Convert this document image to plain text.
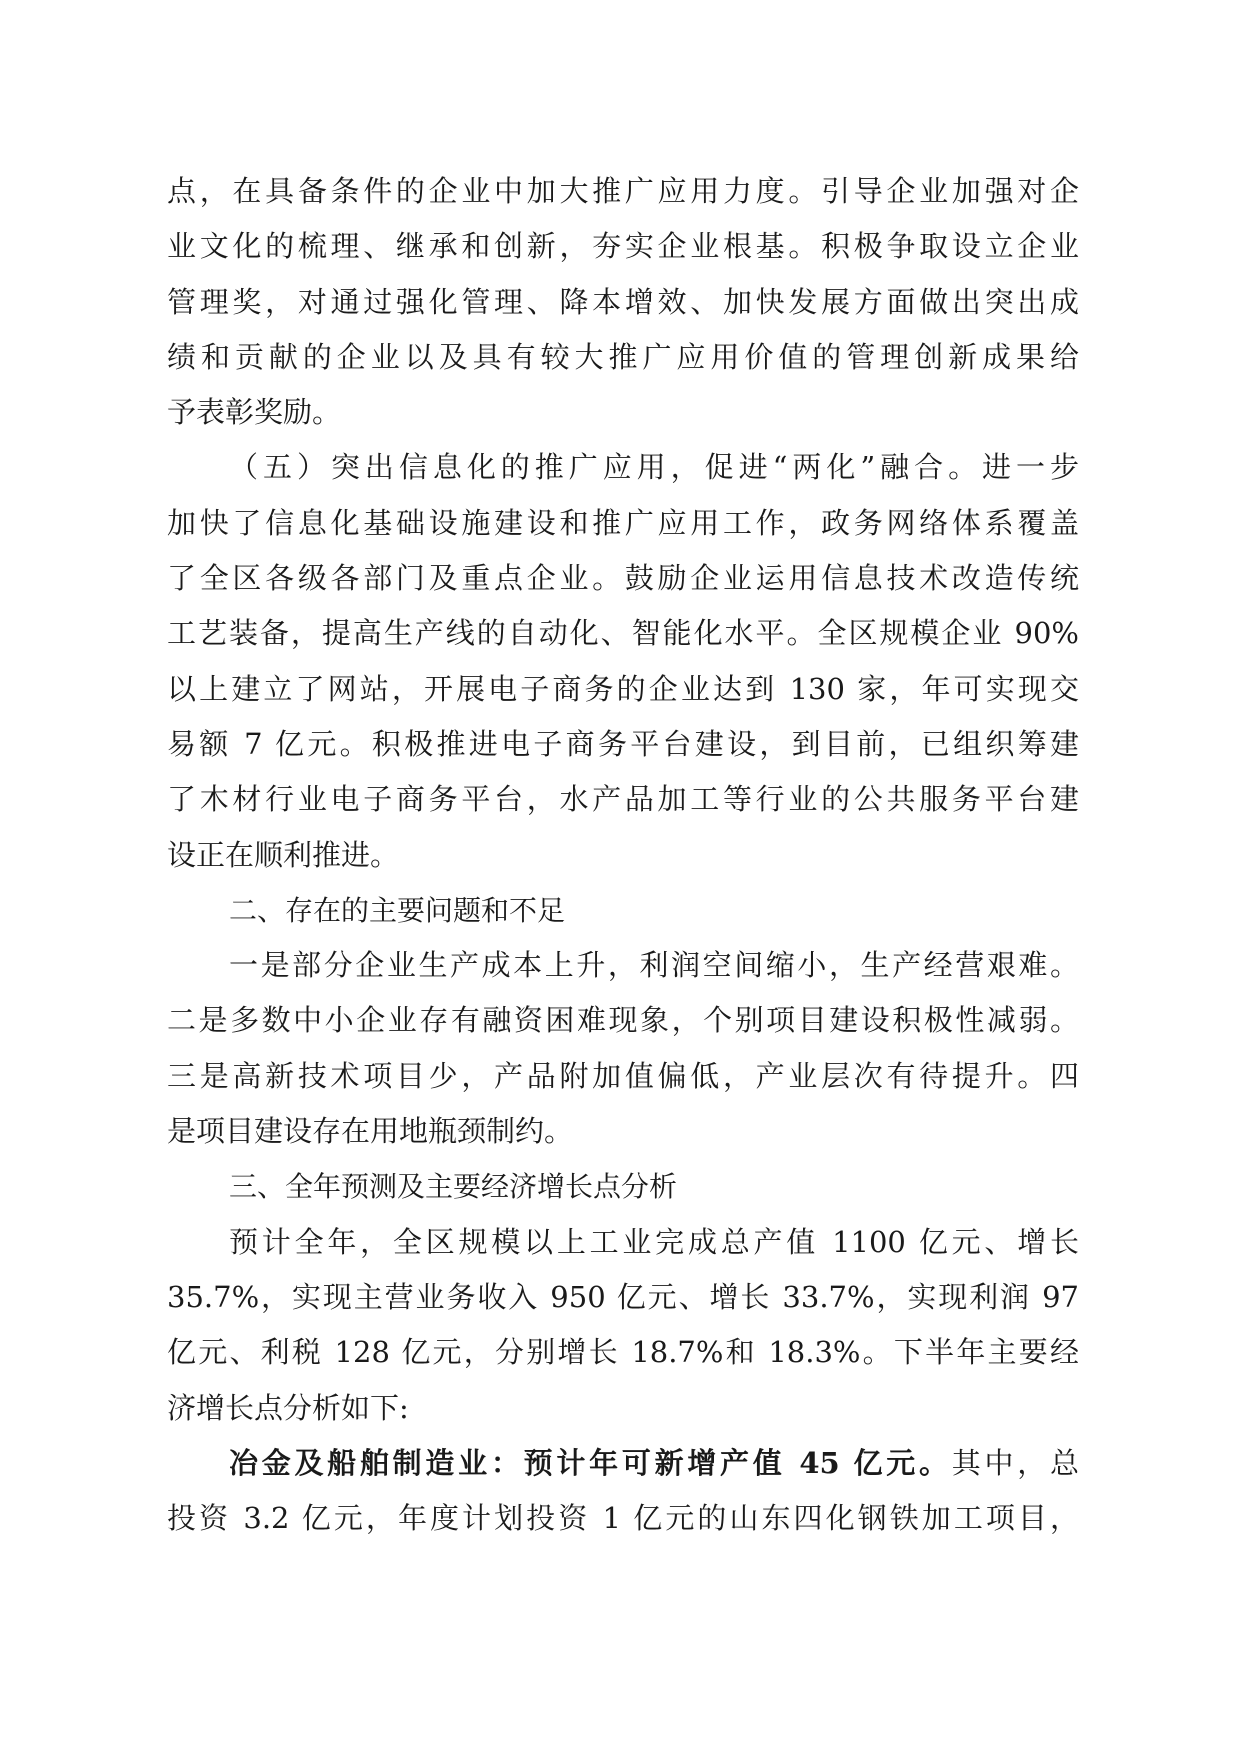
点，在具备条件的企业中加大推广应用力度。引导企业加强对企
业文化的梳理、继承和创新，夯实企业根基。积极争取设立企业
管理奖，对通过强化管理、降本增效、加快发展方面做出突出成
绩和贡献的企业以及具有较大推广应用价值的管理创新成果给
予表彰奖励。
（五）突出信息化的推广应用，促进“两化”融合。进一步
加快了信息化基础设施建设和推广应用工作，政务网络体系覆盖
了全区各级各部门及重点企业。鼓励企业运用信息技术改造传统
工艺装备，提高生产线的自动化、智能化水平。全区规模企业 90%
以上建立了网站，开展电子商务的企业达到 130 家，年可实现交
易额 7 亿元。积极推进电子商务平台建设，到目前，已组织筹建
了木材行业电子商务平台，水产品加工等行业的公共服务平台建
设正在顺利推进。
二、存在的主要问题和不足
一是部分企业生产成本上升，利润空间缩小，生产经营艰难。
二是多数中小企业存有融资困难现象，个别项目建设积极性减弱。
三是高新技术项目少，产品附加值偏低，产业层次有待提升。四
是项目建设存在用地瓶颈制约。
三、全年预测及主要经济增长点分析
预计全年，全区规模以上工业完成总产值 1100 亿元、增长
35.7%，实现主营业务收入 950 亿元、增长 33.7%，实现利润 97
亿元、利税 128 亿元，分别增长 18.7%和 18.3%。下半年主要经
济增长点分析如下:
冶金及船舶制造业：预计年可新增产值 45 亿元。其中，总
投资 3.2 亿元，年度计划投资 1 亿元的山东四化钢铁加工项目，
